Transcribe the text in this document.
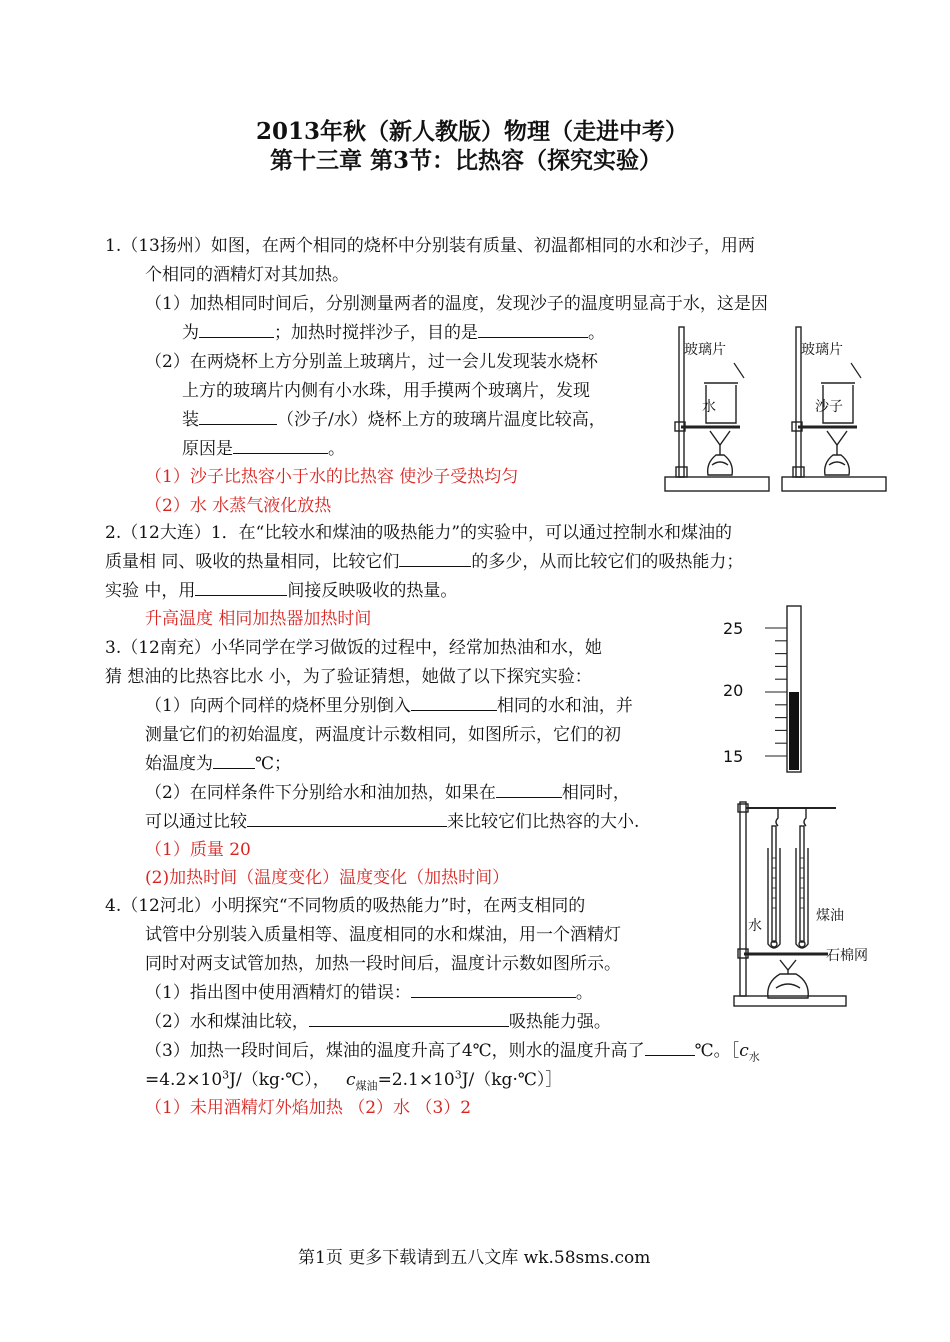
2013年秋（新人教版）物理（走进中考）
第十三章 第3节：比热容（探究实验）
1.（13扬州）如图，在两个相同的烧杯中分别装有质量、初温都相同的水和沙子，用两
个相同的酒精灯对其加热。
（1）加热相同时间后，分别测量两者的温度，发现沙子的温度明显高于水，这是因
为	；加热时搅拌沙子，目的是	。
（2）在两烧杯上方分别盖上玻璃片，过一会儿发现装水烧杯
上方的玻璃片内侧有小水珠，用手摸两个玻璃片，发现
装	（沙子/水）烧杯上方的玻璃片温度比较高，
原因是	。
（1）沙子比热容小于水的比热容 使沙子受热均匀
（2）水 水蒸气液化放热
玻璃片	玻璃片
水	沙子
2.（12大连）1．在“比较水和煤油的吸热能力”的实验中，可以通过控制水和煤油的
质量相 同、吸收的热量相同，比较它们	的多少，从而比较它们的吸热能力；
实验 中，用	间接反映吸收的热量。
升高温度 相同加热器加热时间
3.（12南充）小华同学在学习做饭的过程中，经常加热油和水，她
猜 想油的比热容比水 小，为了验证猜想，她做了以下探究实验：
（1）向两个同样的烧杯里分别倒入	相同的水和油，并
测量它们的初始温度，两温度计示数相同，如图所示，它们的初
始温度为 ℃；
（2）在同样条件下分别给水和油加热，如果在	相同时，
可以通过比较	来比较它们比热容的大小.
（1）质量 20
(2)加热时间（温度变化）温度变化（加热时间）
25
20
15
4.（12河北）小明探究“不同物质的吸热能力”时，在两支相同的
试管中分别装入质量相等、温度相同的水和煤油，用一个酒精灯
同时对两支试管加热，加热一段时间后，温度计示数如图所示。
（1）指出图中使用酒精灯的错误：	。
（2）水和煤油比较，	吸热能力强。
（3）加热一段时间后，煤油的温度升高了4℃，则水的温度升高了	℃。$[c_水$
$=4.2\times 10^3J/(kg\cdot℃)$， $c_{煤油}=2.1\times 10^3J/(kg\cdot℃)]$
（1）未用酒精灯外焰加热 （2）水 （3）2
水
煤油
石棉网
第1页 更多下载请到五八文库 wk.58sms.com
